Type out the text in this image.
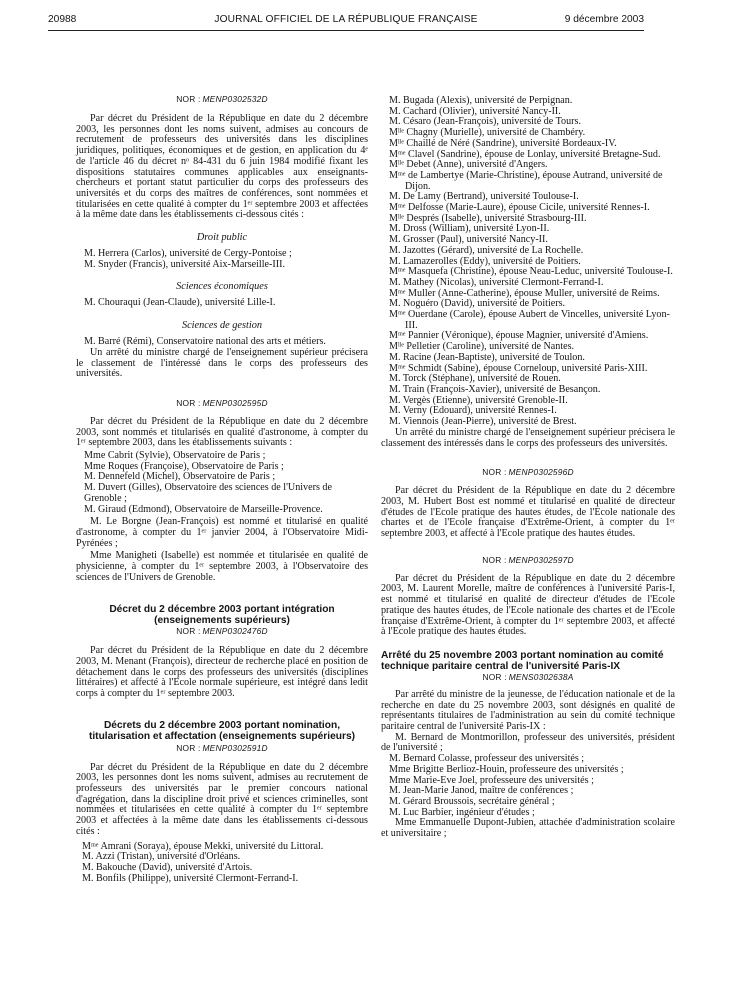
20988	JOURNAL OFFICIEL DE LA RÉPUBLIQUE FRANÇAISE	9 décembre 2003
NOR : MENP0302532D

Par décret du Président de la République en date du 2 décembre 2003, les personnes dont les noms suivent, admises au concours de recrutement de professeurs des universités dans les disciplines juridiques, politiques, économiques et de gestion, en application du 4ᵉ de l'article 46 du décret nᵒ 84-431 du 6 juin 1984 modifié fixant les dispositions statutaires communes applicables aux enseignants-chercheurs et portant statut particulier du corps des professeurs des universités et du corps des maîtres de conférences, sont nommées et titularisées en cette qualité à compter du 1ᵉʳ septembre 2003 et affectées à la même date dans les établissements ci-dessous cités :

Droit public
M. Herrera (Carlos), université de Cergy-Pontoise ;
M. Snyder (Francis), université Aix-Marseille-III.
Sciences économiques
M. Chouraqui (Jean-Claude), université Lille-I.
Sciences de gestion
M. Barré (Rémi), Conservatoire national des arts et métiers.

Un arrêté du ministre chargé de l'enseignement supérieur précisera le classement de l'intéressé dans le corps des professeurs des universités.

NOR : MENP0302595D

Par décret du Président de la République en date du 2 décembre 2003, sont nommés et titularisés en qualité d'astronome, à compter du 1ᵉʳ septembre 2003, dans les établissements suivants :

Mme Cabrit (Sylvie), Observatoire de Paris ;
Mme Roques (Françoise), Observatoire de Paris ;
M. Dennefeld (Michel), Observatoire de Paris ;
M. Duvert (Gilles), Observatoire des sciences de l'Univers de Grenoble ;
M. Giraud (Edmond), Observatoire de Marseille-Provence.

M. Le Borgne (Jean-François) est nommé et titularisé en qualité d'astronome, à compter du 1ᵉʳ janvier 2004, à l'Observatoire Midi-Pyrénées ;

Mme Manigheti (Isabelle) est nommée et titularisée en qualité de physicienne, à compter du 1ᵉʳ septembre 2003, à l'Observatoire des sciences de l'Univers de Grenoble.

Décret du 2 décembre 2003 portant intégration (enseignements supérieurs)
NOR : MENP0302476D

Par décret du Président de la République en date du 2 décembre 2003, M. Menant (François), directeur de recherche placé en position de détachement dans le corps des professeurs des universités (disciplines littéraires) et affecté à l'Ecole normale supérieure, est intégré dans ledit corps à compter du 1ᵉʳ septembre 2003.

Décrets du 2 décembre 2003 portant nomination, titularisation et affectation (enseignements supérieurs)
NOR : MENP0302591D

Par décret du Président de la République en date du 2 décembre 2003, les personnes dont les noms suivent, admises au recrutement de professeurs des universités par le premier concours national d'agrégation, dans la discipline droit privé et sciences criminelles, sont nommées et titularisées en cette qualité à compter du 1ᵉʳ septembre 2003 et affectées à la même date dans les établissements ci-dessous cités :

Mᵐᵉ Amrani (Soraya), épouse Mekki, université du Littoral.
M. Azzi (Tristan), université d'Orléans.
M. Bakouche (David), université d'Artois.
M. Bonfils (Philippe), université Clermont-Ferrand-I.
M. Bugada (Alexis), université de Perpignan.
M. Cachard (Olivier), université Nancy-II.
M. Césaro (Jean-François), université de Tours.
Mˡˡᵉ Chagny (Murielle), université de Chambéry.
Mˡˡᵉ Chaillé de Néré (Sandrine), université Bordeaux-IV.
Mᵐᵉ Clavel (Sandrine), épouse de Lonlay, université Bretagne-Sud.
Mˡˡᵉ Debet (Anne), université d'Angers.
Mᵐᵉ de Lambertye (Marie-Christine), épouse Autrand, université de Dijon.
M. De Lamy (Bertrand), université Toulouse-I.
Mᵐᵉ Delfosse (Marie-Laure), épouse Cicile, université Rennes-I.
Mˡˡᵉ Després (Isabelle), université Strasbourg-III.
M. Dross (William), université Lyon-II.
M. Grosser (Paul), université Nancy-II.
M. Jazottes (Gérard), université de La Rochelle.
M. Lamazerolles (Eddy), université de Poitiers.
Mᵐᵉ Masquefa (Christine), épouse Neau-Leduc, université Toulouse-I.
M. Mathey (Nicolas), université Clermont-Ferrand-I.
Mᵐᵉ Muller (Anne-Catherine), épouse Muller, université de Reims.
M. Noguéro (David), université de Poitiers.
Mᵐᵉ Ouerdane (Carole), épouse Aubert de Vincelles, université Lyon-III.
Mᵐᵉ Pannier (Véronique), épouse Magnier, université d'Amiens.
Mˡˡᵉ Pelletier (Caroline), université de Nantes.
M. Racine (Jean-Baptiste), université de Toulon.
Mᵐᵉ Schmidt (Sabine), épouse Corneloup, université Paris-XIII.
M. Torck (Stéphane), université de Rouen.
M. Train (François-Xavier), université de Besançon.
M. Vergès (Etienne), université Grenoble-II.
M. Verny (Edouard), université Rennes-I.
M. Viennois (Jean-Pierre), université de Brest.

Un arrêté du ministre chargé de l'enseignement supérieur précisera le classement des intéressés dans le corps des professeurs des universités.

NOR : MENP0302596D

Par décret du Président de la République en date du 2 décembre 2003, M. Hubert Bost est nommé et titularisé en qualité de directeur d'études de l'Ecole pratique des hautes études, de l'Ecole nationale des chartes et de l'Ecole française d'Extrême-Orient, à compter du 1ᵉʳ septembre 2003, et affecté à l'Ecole pratique des hautes études.

NOR : MENP0302597D

Par décret du Président de la République en date du 2 décembre 2003, M. Laurent Morelle, maître de conférences à l'université Paris-I, est nommé et titularisé en qualité de directeur d'études de l'Ecole pratique des hautes études, de l'Ecole nationale des chartes et de l'Ecole française d'Extrême-Orient, à compter du 1ᵉʳ septembre 2003, et affecté à l'Ecole pratique des hautes études.

Arrêté du 25 novembre 2003 portant nomination au comité technique paritaire central de l'université Paris-IX
NOR : MENS0302638A

Par arrêté du ministre de la jeunesse, de l'éducation nationale et de la recherche en date du 25 novembre 2003, sont désignés en qualité de représentants titulaires de l'administration au sein du comité technique paritaire central de l'université Paris-IX :

M. Bernard de Montmorillon, professeur des universités, président de l'université ;

M. Bernard Colasse, professeur des universités ;
Mme Brigitte Berlioz-Houin, professeure des universités ;
Mme Marie-Eve Joel, professeure des universités ;
M. Jean-Marie Janod, maître de conférences ;
M. Gérard Broussois, secrétaire général ;
M. Luc Barbier, ingénieur d'études ;

Mme Emmanuelle Dupont-Jubien, attachée d'administration scolaire et universitaire ;
